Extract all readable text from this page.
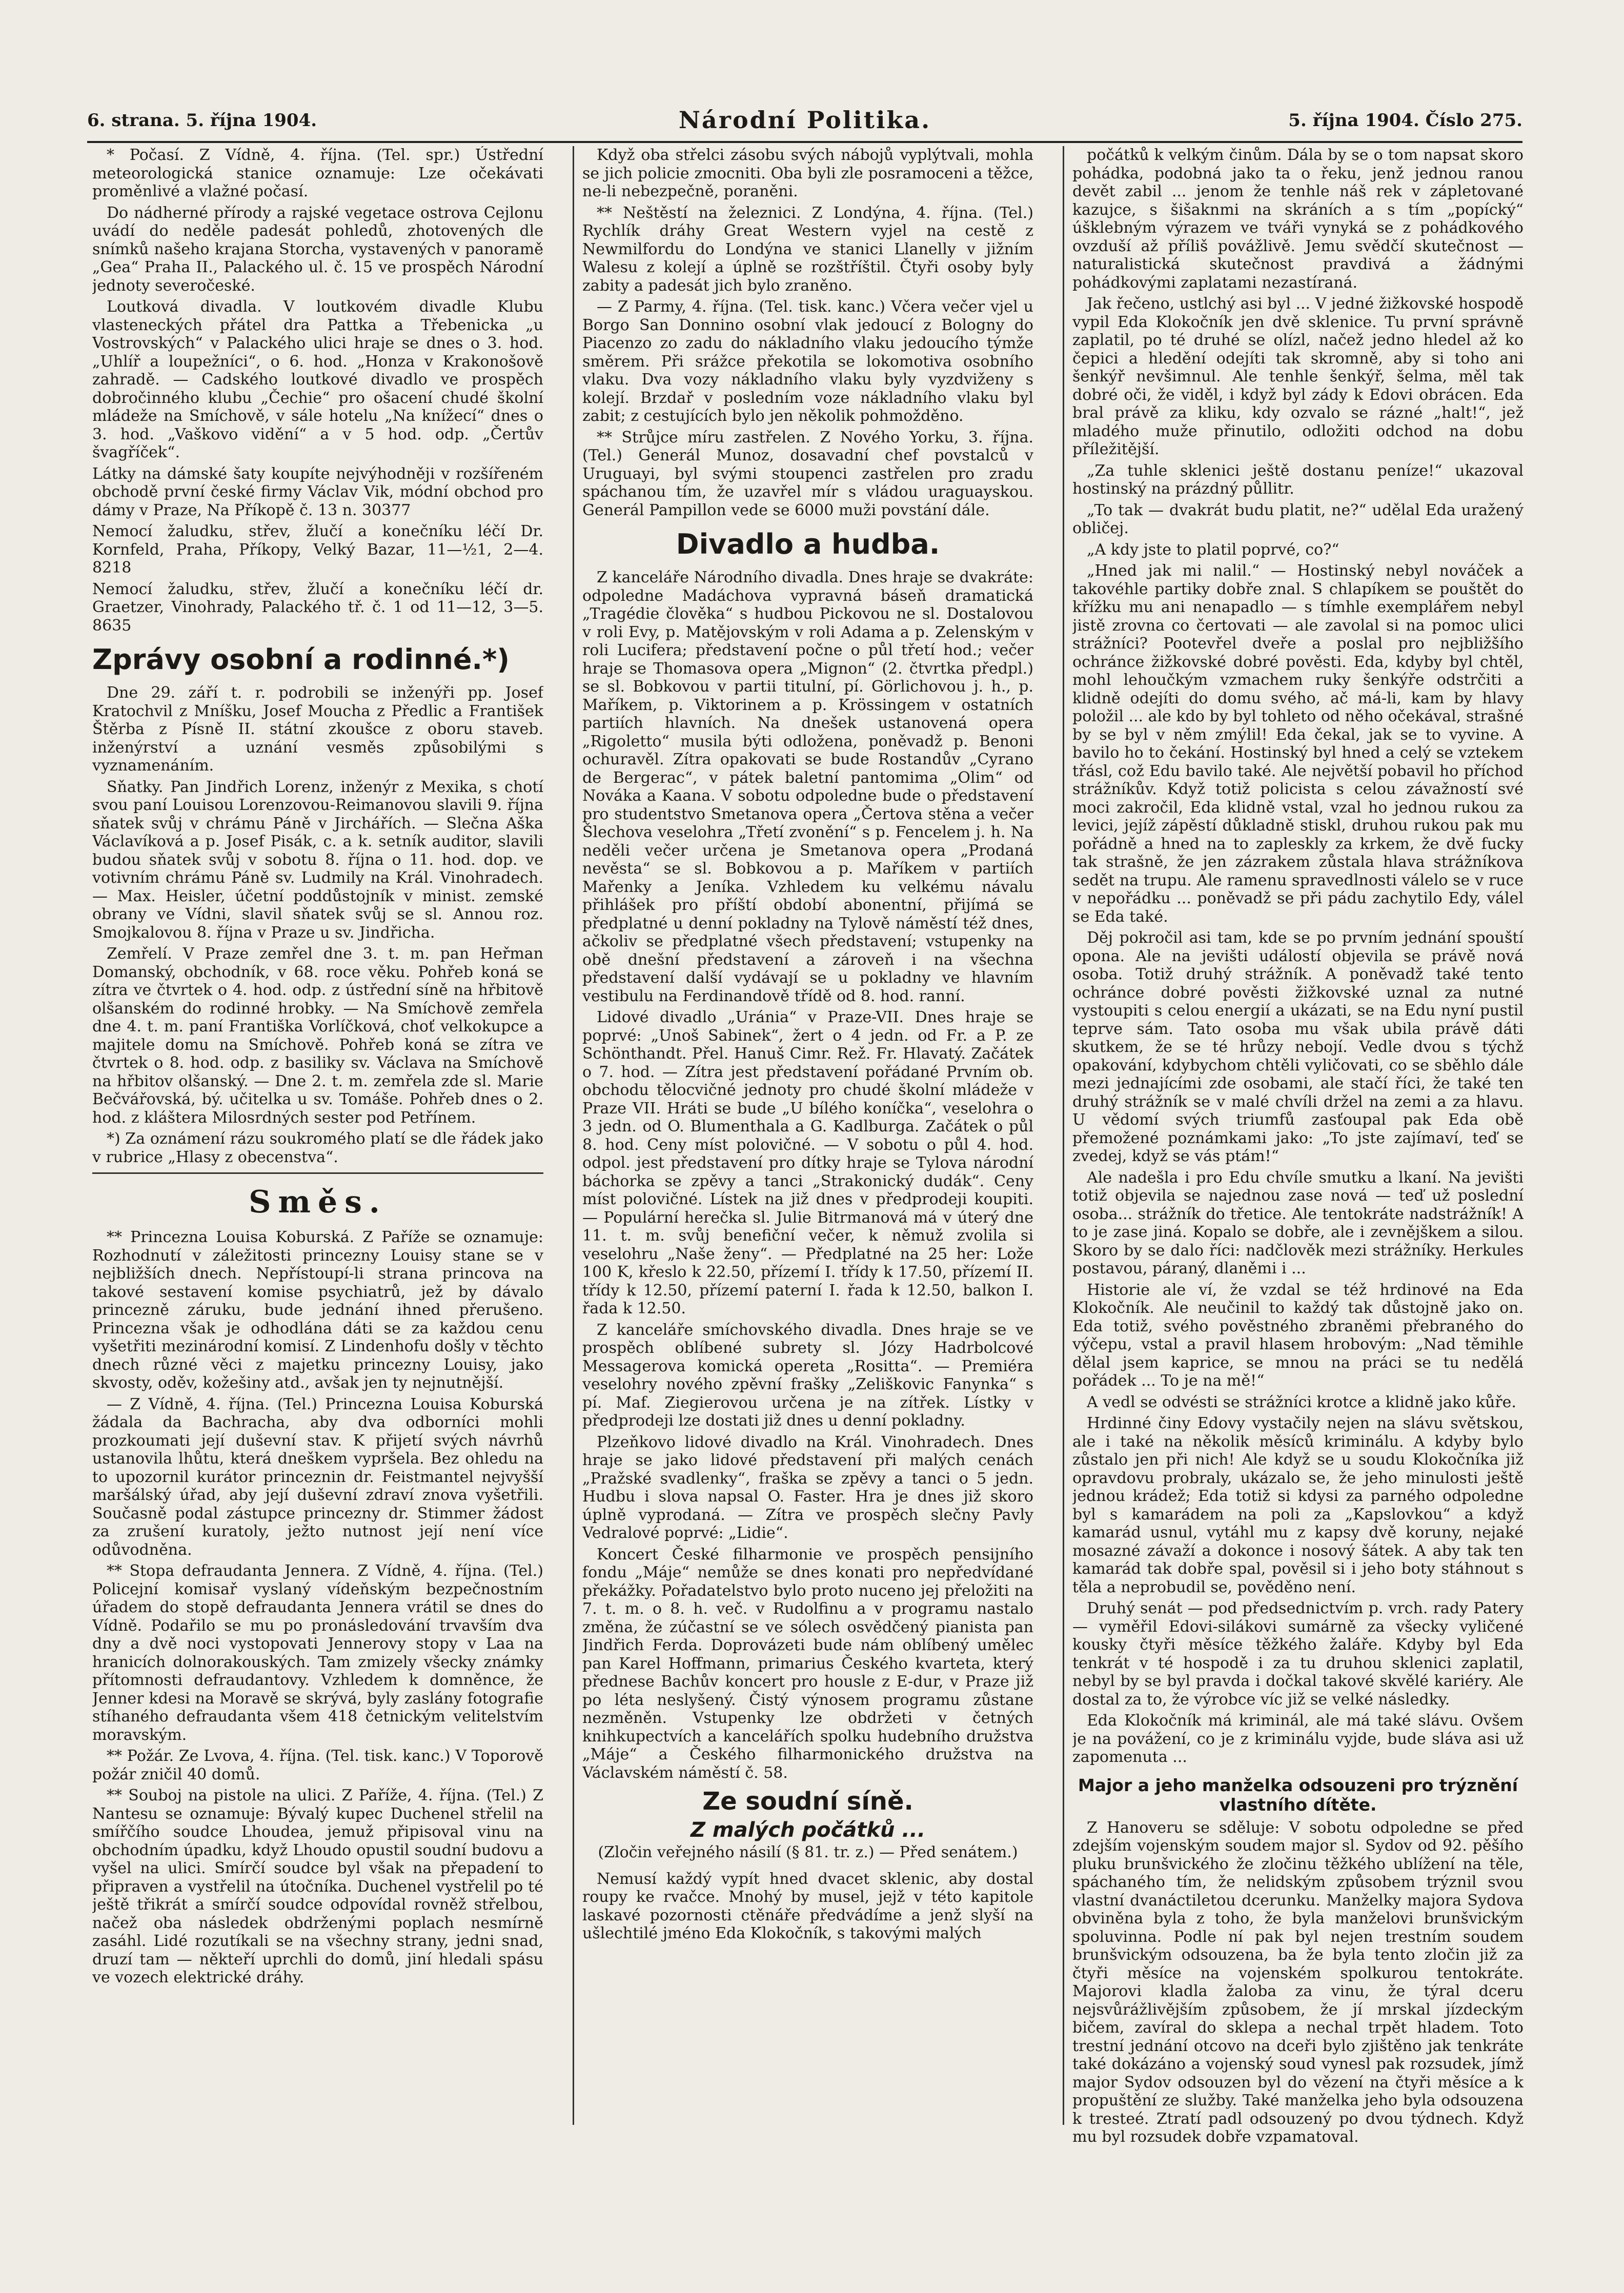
6. strana. 5. října 1904.	Národní Politika.	5. října 1904. Číslo 275.

* Počasí. Z Vídně, 4. října. (Tel. spr.) Ústřední meteorologická stanice oznamuje: Lze očekávati proměnlivé a vlažné počasí.

Do nádherné přírody a rajské vegetace ostrova Cejlonu uvádí do neděle padesát pohledů, zhotovených dle snímků našeho krajana Storcha, vystavených v panoramě „Gea“ Praha II., Palackého ul. č. 15 ve prospěch Národní jednoty severočeské.

Loutková divadla. V loutkovém divadle Klubu vlasteneckých přátel dra Pattka a Třebenicka „u Vostrovských“ v Palackého ulici hraje se dnes o 3. hod. „Uhlíř a loupežníci“, o 6. hod. „Honza v Krakonošově zahradě. — Cadského loutkové divadlo ve prospěch dobročinného klubu „Čechie“ pro ošacení chudé školní mládeže na Smíchově, v sále hotelu „Na knížecí“ dnes o 3. hod. „Vaškovo vidění“ a v 5 hod. odp. „Čertův švagříček“.

Látky na dámské šaty koupíte nejvýhodněji v rozšířeném obchodě první české firmy Václav Vik, módní obchod pro dámy v Praze, Na Příkopě č. 13 n. 30377

Nemocí žaludku, střev, žlučí a konečníku léčí Dr. Kornfeld, Praha, Příkopy, Velký Bazar, 11—½1, 2—4. 8218

Nemocí žaludku, střev, žlučí a konečníku léčí dr. Graetzer, Vinohrady, Palackého tř. č. 1 od 11—12, 3—5. 8635

Zprávy osobní a rodinné.*)

Dne 29. září t. r. podrobili se inženýři pp. Josef Kratochvil z Mníšku, Josef Moucha z Předlic a František Štěrba z Písně II. státní zkoušce z oboru staveb. inženýrství a uznání vesměs způsobilými s vyznamenáním.

Sňatky. Pan Jindřich Lorenz, inženýr z Mexika, s chotí svou paní Louisou Lorenzovou-Reimanovou slavili 9. října sňatek svůj v chrámu Páně v Jirchářích. — Slečna Aška Václavíková a p. Josef Pisák, c. a k. setník auditor, slavili budou sňatek svůj v sobotu 8. října o 11. hod. dop. ve votivním chrámu Páně sv. Ludmily na Král. Vinohradech. — Max. Heisler, účetní poddůstojník v minist. zemské obrany ve Vídni, slavil sňatek svůj se sl. Annou roz. Smojkalovou 8. října v Praze u sv. Jindřicha.

Zemřelí. V Praze zemřel dne 3. t. m. pan Heřman Domanský, obchodník, v 68. roce věku. Pohřeb koná se zítra ve čtvrtek o 4. hod. odp. z ústřední síně na hřbitově olšanském do rodinné hrobky. — Na Smíchově zemřela dne 4. t. m. paní Františka Vorlíčková, choť velkokupce a majitele domu na Smíchově. Pohřeb koná se zítra ve čtvrtek o 8. hod. odp. z basiliky sv. Václava na Smíchově na hřbitov olšanský. — Dne 2. t. m. zemřela zde sl. Marie Bečvářovská, bý. učitelka u sv. Tomáše. Pohřeb dnes o 2. hod. z kláštera Milosrdných sester pod Petřínem.

*) Za oznámení rázu soukromého platí se dle řádek jako v rubrice „Hlasy z obecenstva“.

Směs.

** Princezna Louisa Koburská. Z Paříže se oznamuje: Rozhodnutí v záležitosti princezny Louisy stane se v nejbližších dnech. Nepřístoupí-li strana princova na takové sestavení komise psychiatrů, jež by dávalo princezně záruku, bude jednání ihned přerušeno. Princezna však je odhodlána dáti se za každou cenu vyšetřiti mezinárodní komisí. Z Lindenhofu došly v těchto dnech různé věci z majetku princezny Louisy, jako skvosty, oděv, kožešiny atd., avšak jen ty nejnutnější.

— Z Vídně, 4. října. (Tel.) Princezna Louisa Koburská žádala da Bachracha, aby dva odborníci mohli prozkoumati její duševní stav. K přijetí svých návrhů ustanovila lhůtu, která dneškem vypršela. Bez ohledu na to upozornil kurátor princeznin dr. Feistmantel nejvyšší maršálský úřad, aby její duševní zdraví znova vyšetřili. Současně podal zástupce princezny dr. Stimmer žádost za zrušení kuratoly, ježto nutnost její není více odůvodněna.

** Stopa defraudanta Jennera. Z Vídně, 4. října. (Tel.) Policejní komisař vyslaný vídeňským bezpečnostním úřadem do stopě defraudanta Jennera vrátil se dnes do Vídně. Podařilo se mu po pronásledování trvavším dva dny a dvě noci vystopovati Jennerovy stopy v Laa na hranicích dolnorakouských. Tam zmizely všecky známky přítomnosti defraudantovy. Vzhledem k domněnce, že Jenner kdesi na Moravě se skrývá, byly zaslány fotografie stíhaného defraudanta všem 418 četnickým velitelstvím moravským.

** Požár. Ze Lvova, 4. října. (Tel. tisk. kanc.) V Toporově požár zničil 40 domů.

** Souboj na pistole na ulici. Z Paříže, 4. října. (Tel.) Z Nantesu se oznamuje: Bývalý kupec Duchenel střelil na smířčího soudce Lhoudea, jemuž připisoval vinu na obchodním úpadku, když Lhoudo opustil soudní budovu a vyšel na ulici. Smírčí soudce byl však na přepadení to připraven a vystřelil na útočníka. Duchenel vystřelil po té ještě třikrát a smírčí soudce odpovídal rovněž střelbou, načež oba následek obdrženými poplach nesmírně zasáhl. Lidé rozutíkali se na všechny strany, jedni snad, druzí tam — někteří uprchli do domů, jiní hledali spásu ve vozech elektrické dráhy.

Když oba střelci zásobu svých nábojů vyplýtvali, mohla se jich policie zmocniti. Oba byli zle posramoceni a těžce, ne-li nebezpečně, poraněni.

** Neštěstí na železnici. Z Londýna, 4. října. (Tel.) Rychlík dráhy Great Western vyjel na cestě z Newmilfordu do Londýna ve stanici Llanelly v jižním Walesu z kolejí a úplně se rozštříštil. Čtyři osoby byly zabity a padesát jich bylo zraněno.

— Z Parmy, 4. října. (Tel. tisk. kanc.) Včera večer vjel u Borgo San Donnino osobní vlak jedoucí z Bologny do Piacenzo zo zadu do nákladního vlaku jedoucího týmže směrem. Při srážce překotila se lokomotiva osobního vlaku. Dva vozy nákladního vlaku byly vyzdviženy s kolejí. Brzdař v posledním voze nákladního vlaku byl zabit; z cestujících bylo jen několik pohmožděno.

** Strůjce míru zastřelen. Z Nového Yorku, 3. října. (Tel.) Generál Munoz, dosavadní chef povstalců v Uruguayi, byl svými stoupenci zastřelen pro zradu spáchanou tím, že uzavřel mír s vládou uraguayskou. Generál Pampillon vede se 6000 muži povstání dále.

Divadlo a hudba.

Z kanceláře Národního divadla. Dnes hraje se dvakráte: odpoledne Madáchova vypravná báseň dramatická „Tragédie člověka“ s hudbou Pickovou ne sl. Dostalovou v roli Evy, p. Matějovským v roli Adama a p. Zelenským v roli Lucifera; představení počne o půl třetí hod.; večer hraje se Thomasova opera „Mignon“ (2. čtvrtka předpl.) se sl. Bobkovou v partii titulní, pí. Görlichovou j. h., p. Maříkem, p. Viktorinem a p. Krössingem v ostatních partiích hlavních. Na dnešek ustanovená opera „Rigoletto“ musila býti odložena, poněvadž p. Benoni ochuravěl. Zítra opakovati se bude Rostandův „Cyrano de Bergerac“, v pátek baletní pantomima „Olim“ od Nováka a Kaana. V sobotu odpoledne bude o představení pro studentstvo Smetanova opera „Čertova stěna a večer Šlechova veselohra „Třetí zvonění“ s p. Fencelem j. h. Na neděli večer určena je Smetanova opera „Prodaná nevěsta“ se sl. Bobkovou a p. Maříkem v partiích Mařenky a Jeníka. Vzhledem ku velkému návalu přihlášek pro příští období abonentní, přijímá se předplatné u denní pokladny na Tylově náměstí též dnes, ačkoliv se předplatné všech představení; vstupenky na obě dnešní představení a zároveň i na všechna představení další vydávají se u pokladny ve hlavním vestibulu na Ferdinandově třídě od 8. hod. ranní.

Lidové divadlo „Uránia“ v Praze-VII. Dnes hraje se poprvé: „Unoš Sabinek“, žert o 4 jedn. od Fr. a P. ze Schönthandt. Přel. Hanuš Cimr. Rež. Fr. Hlavatý. Začátek o 7. hod. — Zítra jest představení pořádané Prvním ob. obchodu tělocvičné jednoty pro chudé školní mládeže v Praze VII. Hráti se bude „U bílého koníčka“, veselohra o 3 jedn. od O. Blumenthala a G. Kadlburga. Začátek o půl 8. hod. Ceny míst polovičné. — V sobotu o půl 4. hod. odpol. jest představení pro dítky hraje se Tylova národní báchorka se zpěvy a tanci „Strakonický dudák“. Ceny míst polovičné. Lístek na již dnes v předprodeji koupiti. — Populární herečka sl. Julie Bitrmanová má v úterý dne 11. t. m. svůj benefiční večer, k němuž zvolila si veselohru „Naše ženy“. — Předplatné na 25 her: Lože 100 K, křeslo k 22.50, přízemí I. třídy k 17.50, přízemí II. třídy k 12.50, přízemí paterní I. řada k 12.50, balkon I. řada k 12.50.

Z kanceláře smíchovského divadla. Dnes hraje se ve prospěch oblíbené subrety sl. Józy Hadrbolcové Messagerova komická opereta „Rositta“. — Premiéra veselohry nového zpěvní frašky „Zeliškovic Fanynka“ s pí. Maf. Ziegierovou určena je na zítřek. Lístky v předprodeji lze dostati již dnes u denní pokladny.

Plzeňkovo lidové divadlo na Král. Vinohradech. Dnes hraje se jako lidové představení při malých cenách „Pražské svadlenky“, fraška se zpěvy a tanci o 5 jedn. Hudbu i slova napsal O. Faster. Hra je dnes již skoro úplně vyprodaná. — Zítra ve prospěch slečny Pavly Vedralové poprvé: „Lidie“.

Koncert České filharmonie ve prospěch pensijního fondu „Máje“ nemůže se dnes konati pro nepředvídané překážky. Pořadatelstvo bylo proto nuceno jej přeložiti na 7. t. m. o 8. h. več. v Rudolfinu a v programu nastalo změna, že zúčastní se ve sólech osvědčený pianista pan Jindřich Ferda. Doprovázeti bude nám oblíbený umělec pan Karel Hoffmann, primarius Českého kvarteta, který přednese Bachův koncert pro housle z E-dur, v Praze již po léta neslyšený. Čistý výnosem programu zůstane nezměněn. Vstupenky lze obdržeti v četných knihkupectvích a kancelářích spolku hudebního družstva „Máje“ a Českého filharmonického družstva na Václavském náměstí č. 58.

Ze soudní síně.
Z malých počátků ...

(Zločin veřejného násilí (§ 81. tr. z.) — Před senátem.)

Nemusí každý vypít hned dvacet sklenic, aby dostal roupy ke rvačce. Mnohý by musel, jejž v této kapitole laskavé pozornosti ctěnáře předvádíme a jenž slyší na ušlechtilé jméno Eda Klokočník, s takovými malých

počátků k velkým činům. Dála by se o tom napsat skoro pohádka, podobná jako ta o řeku, jenž jednou ranou devět zabil ... jenom že tenhle náš rek v zápletované kazujce, s šišaknmi na skráních a s tím „popícký“ úšklebným výrazem ve tváři vynyká se z pohádkového ovzduší až příliš povážlivě. Jemu svědčí skutečnost — naturalistická skutečnost pravdivá a žádnými pohádkovými zaplatami nezastíraná.

Jak řečeno, ustlchý asi byl ... V jedné žižkovské hospodě vypil Eda Klokočník jen dvě sklenice. Tu první správně zaplatil, po té druhé se olízl, načež jedno hledel až ko čepici a hledění odejíti tak skromně, aby si toho ani šenkýř nevšimnul. Ale tenhle šenkýř, šelma, měl tak dobré oči, že viděl, i když byl zády k Edovi obrácen. Eda bral právě za kliku, kdy ozvalo se rázné „halt!“, jež mladého muže přinutilo, odložiti odchod na dobu příležitější.

„Za tuhle sklenici ještě dostanu peníze!“ ukazoval hostinský na prázdný půllitr.

„To tak — dvakrát budu platit, ne?“ udělal Eda uražený obličej.

„A kdy jste to platil poprvé, co?“

„Hned jak mi nalil.“ — Hostinský nebyl nováček a takovéhle partiky dobře znal. S chlapíkem se pouštět do křížku mu ani nenapadlo — s tímhle exemplářem nebyl jistě zrovna co čertovati — ale zavolal si na pomoc ulici strážníci? Pootevřel dveře a poslal pro nejbližšího ochránce žižkovské dobré pověsti. Eda, kdyby byl chtěl, mohl lehoučkým vzmachem ruky šenkýře odstrčiti a klidně odejíti do domu svého, ač má-li, kam by hlavy položil ... ale kdo by byl tohleto od něho očekával, strašné by se byl v něm zmýlil! Eda čekal, jak se to vyvine. A bavilo ho to čekání. Hostinský byl hned a celý se vztekem třásl, což Edu bavilo také. Ale největší pobavil ho příchod strážníkův. Když totiž policista s celou závažností své moci zakročil, Eda klidně vstal, vzal ho jednou rukou za levici, jejíž zápěstí důkladně stiskl, druhou rukou pak mu pořádně a hned na to zapleskly za krkem, že dvě fucky tak strašně, že jen zázrakem zůstala hlava strážníkova sedět na trupu. Ale ramenu spravedlnosti válelo se v ruce v nepořádku ... poněvadž se při pádu zachytilo Edy, válel se Eda také.

Děj pokročil asi tam, kde se po prvním jednání spouští opona. Ale na jevišti událostí objevila se právě nová osoba. Totiž druhý strážník. A poněvadž také tento ochránce dobré pověsti žižkovské uznal za nutné vystoupiti s celou energií a ukázati, se na Edu nyní pustil teprve sám. Tato osoba mu však ubila právě dáti skutkem, že se té hrůzy nebojí. Vedle dvou s týchž opakování, kdybychom chtěli vyličovati, co se sběhlo dále mezi jednajícími zde osobami, ale stačí říci, že také ten druhý strážník se v malé chvíli držel na zemi a za hlavu. U vědomí svých triumfů zasťoupal pak Eda obě přemožené poznámkami jako: „To jste zajímaví, teď se zvedej, když se vás ptám!“

Ale nadešla i pro Edu chvíle smutku a lkaní. Na jevišti totiž objevila se najednou zase nová — teď už poslední osoba... strážník do třetice. Ale tentokráte nadstrážník! A to je zase jiná. Kopalo se dobře, ale i zevnějškem a silou. Skoro by se dalo říci: nadčlověk mezi strážníky. Herkules postavou, páraný, dlaněmi i ...

Historie ale ví, že vzdal se též hrdinové na Eda Klokočník. Ale neučinil to každý tak důstojně jako on. Eda totiž, svého pověstného zbraněmi přebraného do výčepu, vstal a pravil hlasem hrobovým: „Nad těmihle dělal jsem kaprice, se mnou na práci se tu nedělá pořádek ... To je na mě!“

A vedl se odvésti se strážníci krotce a klidně jako kůře.

Hrdinné činy Edovy vystačily nejen na slávu světskou, ale i také na několik měsíců kriminálu. A kdyby bylo zůstalo jen při nich! Ale když se u soudu Klokočníka již opravdovu probraly, ukázalo se, že jeho minulosti ještě jednou krádež; Eda totiž si kdysi za parného odpoledne byl s kamarádem na poli za „Kapslovkou“ a když kamarád usnul, vytáhl mu z kapsy dvě koruny, nejaké mosazné závaží a dokonce i nosový šátek. A aby tak ten kamarád tak dobře spal, pověsil si i jeho boty stáhnout s těla a neprobudil se, pověděno není.

Druhý senát — pod předsednictvím p. vrch. rady Patery — vyměřil Edovi-silákovi sumárně za všecky vyličené kousky čtyři měsíce těžkého žaláře. Kdyby byl Eda tenkrát v té hospodě i za tu druhou sklenici zaplatil, nebyl by se byl pravda i dočkal takové skvělé kariéry. Ale dostal za to, že výrobce víc již se velké následky.

Eda Klokočník má kriminál, ale má také slávu. Ovšem je na povážení, co je z kriminálu vyjde, bude sláva asi už zapomenuta ...

Major a jeho manželka odsouzeni pro trýznění vlastního dítěte.

Z Hanoveru se sděluje: V sobotu odpoledne se před zdejším vojenským soudem major sl. Sydov od 92. pěšího pluku brunšvického že zločinu těžkého ublížení na těle, spáchaného tím, že nelidským způsobem trýznil svou vlastní dvanáctiletou dcerunku. Manželky majora Sydova obviněna byla z toho, že byla manželovi brunšvickým spoluvinna. Podle ní pak byl nejen trestním soudem brunšvickým odsouzena, ba že byla tento zločin již za čtyři měsíce na vojenském spolkurou tentokráte. Majorovi kladla žaloba za vinu, že týral dceru nejsvůrážlivějším způsobem, že jí mrskal jízdeckým bičem, zavíral do sklepa a nechal trpět hladem. Toto trestní jednání otcovo na dceři bylo zjištěno jak tenkráte také dokázáno a vojenský soud vynesl pak rozsudek, jímž major Sydov odsouzen byl do vězení na čtyři měsíce a k propuštění ze služby. Také manželka jeho byla odsouzena k tresteé. Ztratí padl odsouzený po dvou týdnech. Když mu byl rozsudek dobře vzpamatoval.
